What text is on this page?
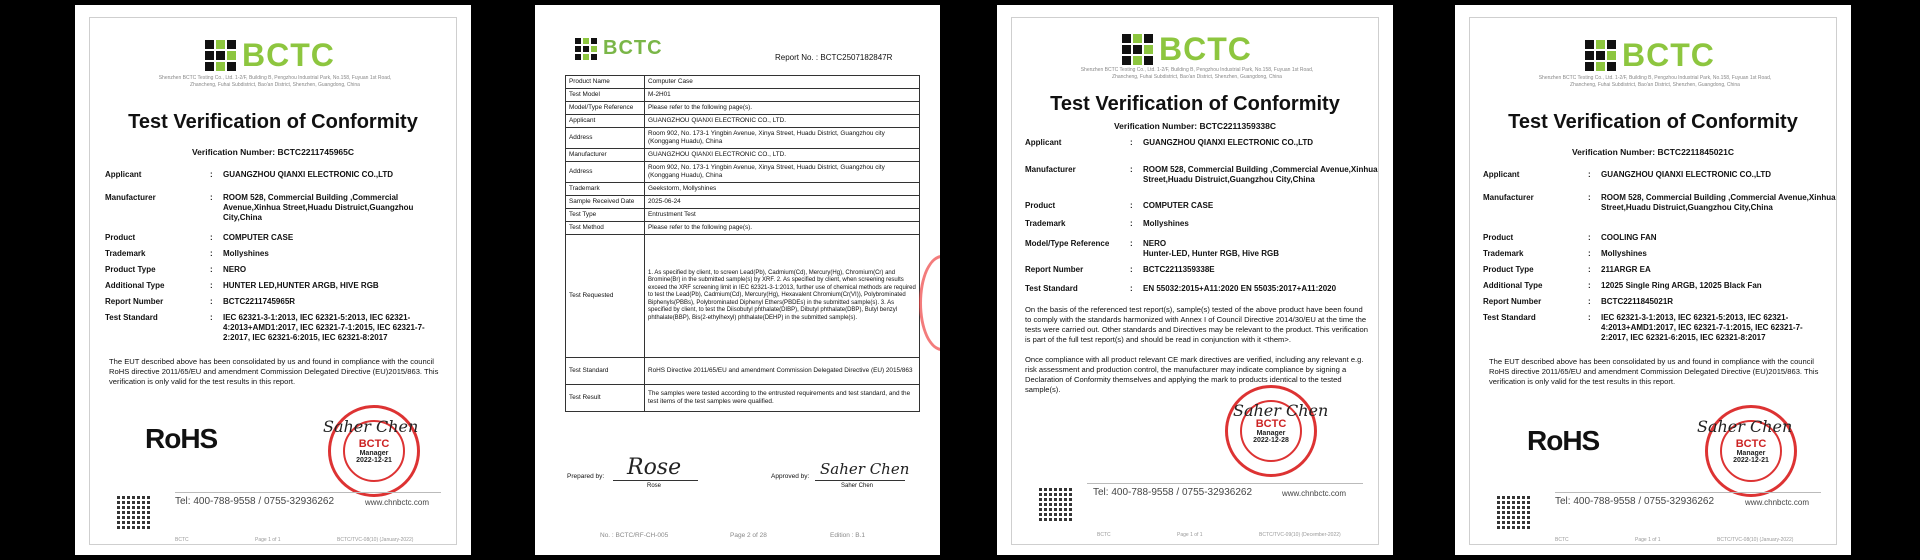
BCTC
Shenzhen BCTC Testing Co., Ltd. 1-2/F, Building B, Pengzhou Industrial Park, No.158, Fuyuan 1st Road, Zhancheng, Fuhai Subdistrict, Bao'an District, Shenzhen, Guangdong, China
Test Verification of Conformity
Verification Number: BCTC2211745965C
Applicant	: GUANGZHOU QIANXI ELECTRONIC CO.,LTD
Manufacturer	: ROOM 528, Commercial Building ,Commercial Avenue,Xinhua Street,Huadu Distruict,Guangzhou City,China
Product	: COMPUTER CASE
Trademark	: Mollyshines
Product Type	: NERO
Additional Type	: HUNTER LED,HUNTER ARGB, HIVE RGB
Report Number	: BCTC2211745965R
Test Standard	: IEC 62321-3-1:2013, IEC 62321-5:2013, IEC 62321-4:2013+AMD1:2017, IEC 62321-7-1:2015, IEC 62321-7-2:2017, IEC 62321-6:2015, IEC 62321-8:2017
The EUT described above has been consolidated by us and found in compliance with the council RoHS directive 2011/65/EU and amendment Commission Delegated Directive (EU)2015/863. This verification is only valid for the test results in this report.
RoHS	BCTC
Manager
2022-12-21
Saher Chen
Tel: 400-788-9558 / 0755-32936262	www.chnbctc.com
BCTC	Page 1 of 1	BCTC/TVC-08(10) (January-2022)
BCTC	Report No. : BCTC2507182847R
Product Name	Computer Case
Test Model	M-2H01
Model/Type Reference	Please refer to the following page(s).
Applicant	GUANGZHOU QIANXI ELECTRONIC CO., LTD.
Address	Room 902, No. 173-1 Yingbin Avenue, Xinya Street, Huadu District, Guangzhou city (Konggang Huadu), China
Manufacturer	GUANGZHOU QIANXI ELECTRONIC CO., LTD.
Address	Room 902, No. 173-1 Yingbin Avenue, Xinya Street, Huadu District, Guangzhou city (Konggang Huadu), China
Trademark	Geekstorm, Mollyshines
Sample Received Date	2025-06-24
Test Type	Entrustment Test
Test Method	Please refer to the following page(s).
Test Requested	1. As specified by client, to screen Lead(Pb), Cadmium(Cd), Mercury(Hg), Chromium(Cr) and Bromine(Br) in the submitted sample(s) by XRF. 2. As specified by client, when screening results exceed the XRF screening limit in IEC 62321-3-1:2013, further use of chemical methods are required to test the Lead(Pb), Cadmium(Cd), Mercury(Hg), Hexavalent Chromium(Cr(VI)), Polybrominated Biphenyls(PBBs), Polybrominated Diphenyl Ethers(PBDEs) in the submitted sample(s). 3. As specified by client, to test the Diisobutyl phthalate(DIBP), Dibutyl phthalate(DBP), Butyl benzyl phthalate(BBP), Bis(2-ethylhexyl) phthalate(DEHP) in the submitted sample(s).
Test Standard	RoHS Directive 2011/65/EU and amendment Commission Delegated Directive (EU) 2015/863
Test Result	The samples were tested according to the entrusted requirements and test standard, and the test items of the test samples were qualified.
Prepared by: Rose
Rose
Approved by: Saher Chen
Saher Chen
No. : BCTC/RF-CH-005	Page 2 of 28	Edition : B.1
BCTC
Shenzhen BCTC Testing Co., Ltd. 1-2/F, Building B, Pengzhou Industrial Park, No.158, Fuyuan 1st Road, Zhancheng, Fuhai Subdistrict, Bao'an District, Shenzhen, Guangdong, China
Test Verification of Conformity
Verification Number: BCTC2211359338C
Applicant	: GUANGZHOU QIANXI ELECTRONIC CO.,LTD
Manufacturer	: ROOM 528, Commercial Building ,Commercial Avenue,Xinhua Street,Huadu Distruict,Guangzhou City,China
Product	: COMPUTER CASE
Trademark	: Mollyshines
Model/Type Reference	: NERO
Hunter-LED, Hunter RGB, Hive RGB
Report Number	: BCTC2211359338E
Test Standard	: EN 55032:2015+A11:2020 EN 55035:2017+A11:2020
On the basis of the referenced test report(s), sample(s) tested of the above product have been found to comply with the standards harmonized with Annex I of Council Directive 2014/30/EU at the time the tests were carried out. Other standards and Directives may be relevant to the product. This verification is part of the full test report(s) and should be read in conjunction with it <them>.
Once compliance with all product relevant CE mark directives are verified, including any relevant e.g. risk assessment and production control, the manufacturer may indicate compliance by signing a Declaration of Conformity themselves and applying the mark to products identical to the tested sample(s).
BCTC
Manager
2022-12-28
Saher Chen
Tel: 400-788-9558 / 0755-32936262	www.chnbctc.com
BCTC	Page 1 of 1	BCTC/TVC-09(10) (December-2022)
BCTC
Shenzhen BCTC Testing Co., Ltd. 1-2/F, Building B, Pengzhou Industrial Park, No.158, Fuyuan 1st Road, Zhancheng, Fuhai Subdistrict, Bao'an District, Shenzhen, Guangdong, China
Test Verification of Conformity
Verification Number: BCTC2211845021C
Applicant	: GUANGZHOU QIANXI ELECTRONIC CO.,LTD
Manufacturer	: ROOM 528, Commercial Building ,Commercial Avenue,Xinhua Street,Huadu Distruict,Guangzhou City,China
Product	: COOLING FAN
Trademark	: Mollyshines
Product Type	: 211ARGR EA
Additional Type	: 12025 Single Ring ARGB, 12025 Black Fan
Report Number	: BCTC2211845021R
Test Standard	: IEC 62321-3-1:2013, IEC 62321-5:2013, IEC 62321-4:2013+AMD1:2017, IEC 62321-7-1:2015, IEC 62321-7-2:2017, IEC 62321-6:2015, IEC 62321-8:2017
The EUT described above has been consolidated by us and found in compliance with the council RoHS directive 2011/65/EU and amendment Commission Delegated Directive (EU)2015/863. This verification is only valid for the test results in this report.
RoHS	BCTC
Manager
2022-12-21
Saher Chen
Tel: 400-788-9558 / 0755-32936262	www.chnbctc.com
BCTC	Page 1 of 1	BCTC/TVC-08(10) (January-2022)
